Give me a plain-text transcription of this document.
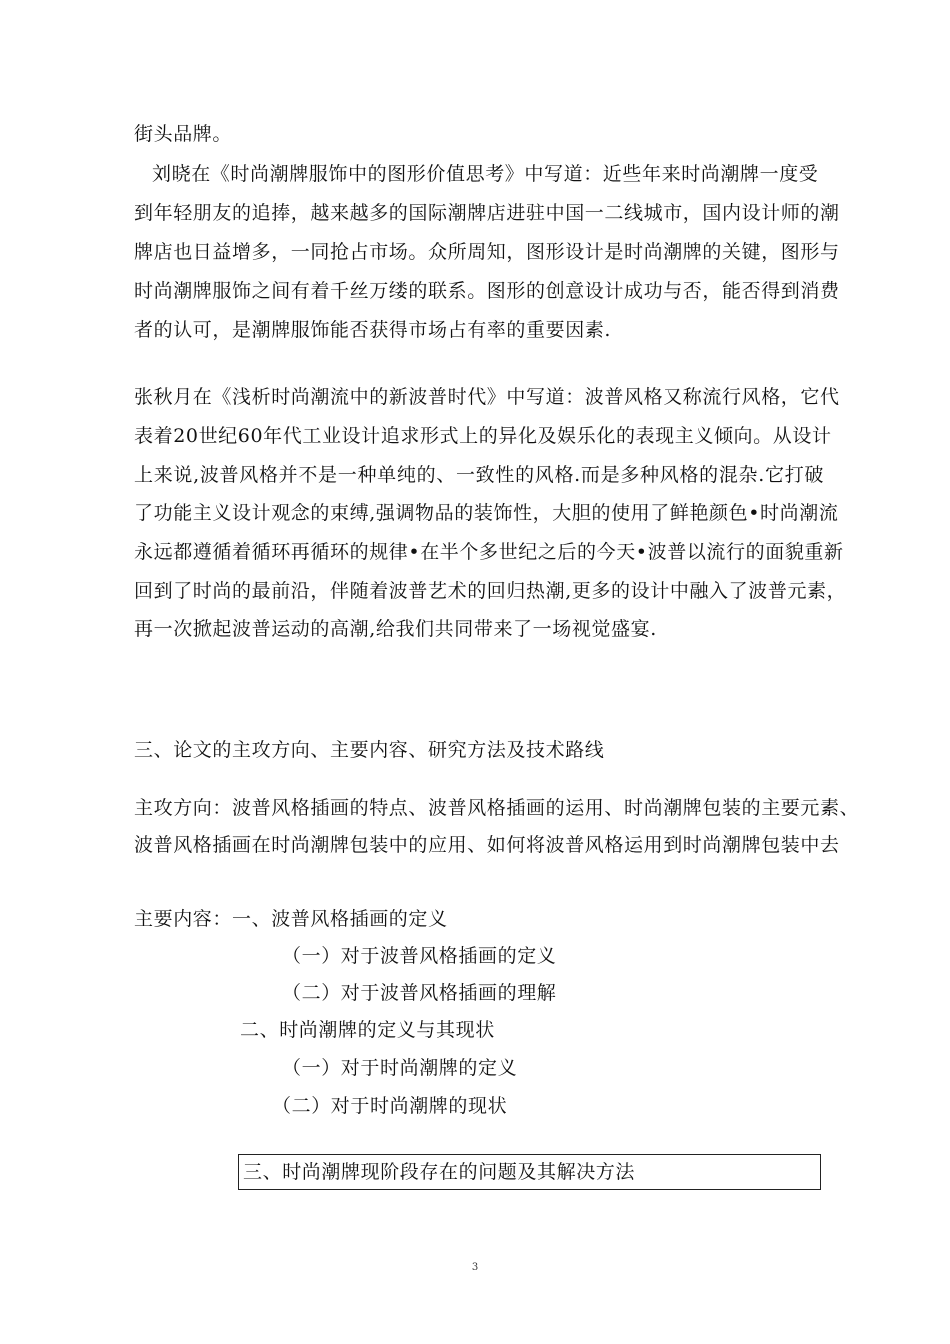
街头品牌。
刘晓在《时尚潮牌服饰中的图形价值思考》中写道：近些年来时尚潮牌一度受
到年轻朋友的追捧，越来越多的国际潮牌店进驻中国一二线城市，国内设计师的潮
牌店也日益增多，一同抢占市场。众所周知，图形设计是时尚潮牌的关键，图形与
时尚潮牌服饰之间有着千丝万缕的联系。图形的创意设计成功与否，能否得到消费
者的认可，是潮牌服饰能否获得市场占有率的重要因素.
张秋月在《浅析时尚潮流中的新波普时代》中写道：波普风格又称流行风格，它代
表着20世纪60年代工业设计追求形式上的异化及娱乐化的表现主义倾向。从设计
上来说,波普风格并不是一种单纯的、一致性的风格.而是多种风格的混杂.它打破
了功能主义设计观念的束缚,强调物品的装饰性，大胆的使用了鲜艳颜色•时尚潮流
永远都遵循着循环再循环的规律•在半个多世纪之后的今天•波普以流行的面貌重新
回到了时尚的最前沿，伴随着波普艺术的回归热潮,更多的设计中融入了波普元素，
再一次掀起波普运动的高潮,给我们共同带来了一场视觉盛宴.
三、论文的主攻方向、主要内容、研究方法及技术路线
主攻方向：波普风格插画的特点、波普风格插画的运用、时尚潮牌包装的主要元素、
波普风格插画在时尚潮牌包装中的应用、如何将波普风格运用到时尚潮牌包装中去
主要内容：一、波普风格插画的定义
（一）对于波普风格插画的定义
（二）对于波普风格插画的理解
二、时尚潮牌的定义与其现状
（一）对于时尚潮牌的定义
（二）对于时尚潮牌的现状
三、时尚潮牌现阶段存在的问题及其解决方法
3
